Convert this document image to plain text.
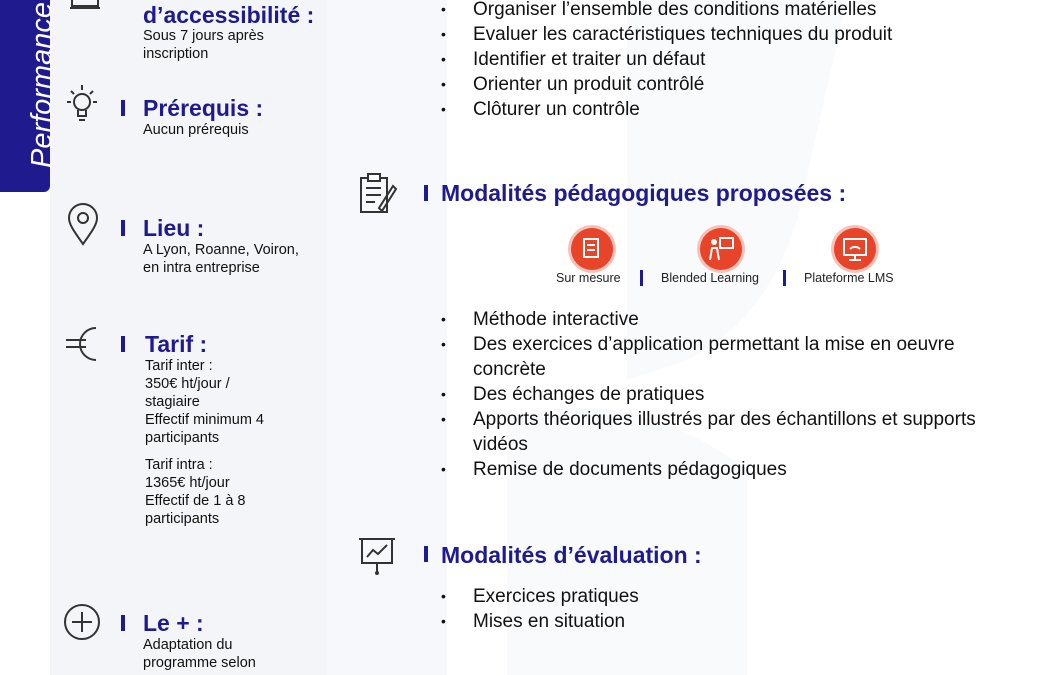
Performance	d’accessibilité :
Sous 7 jours après
inscription
Prérequis :
Aucun prérequis
Lieu :
A Lyon, Roanne, Voiron,
en intra entreprise
Tarif :
Tarif inter :
350€ ht/jour /
stagiaire
Effectif minimum 4
participants
Tarif intra :
1365€ ht/jour
Effectif de 1 à 8
participants
Le + :
Adaptation du
programme selon
• Organiser l’ensemble des conditions matérielles
• Evaluer les caractéristiques techniques du produit
• Identifier et traiter un défaut
• Orienter un produit contrôlé
• Clôturer un contrôle
Modalités pédagogiques proposées :
Sur mesure	Blended Learning	Plateforme LMS
• Méthode interactive
• Des exercices d’application permettant la mise en oeuvre concrète
• Des échanges de pratiques
• Apports théoriques illustrés par des échantillons et supports vidéos
• Remise de documents pédagogiques
Modalités d’évaluation :
• Exercices pratiques
• Mises en situation
